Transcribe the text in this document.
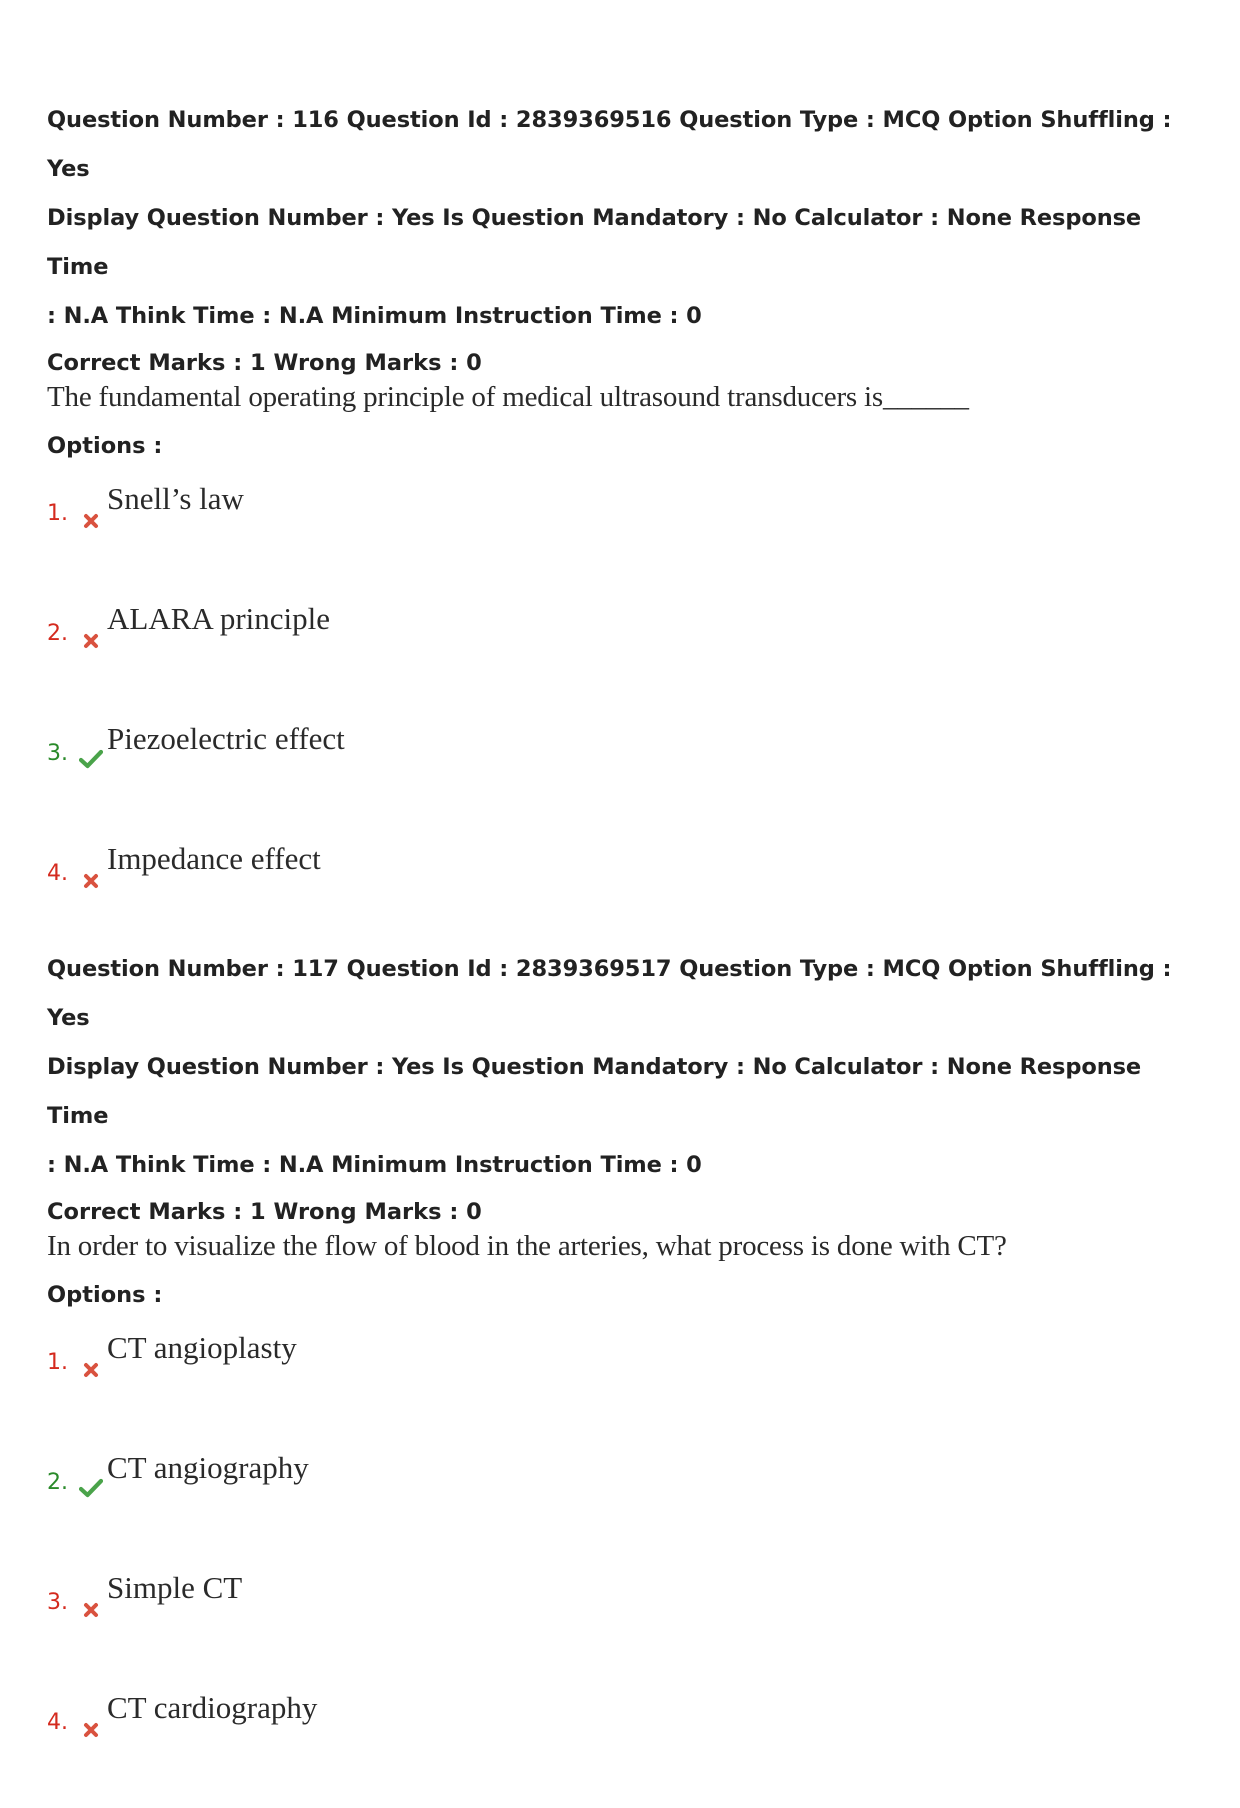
Question Number : 116 Question Id : 2839369516 Question Type : MCQ Option Shuffling : Yes
Display Question Number : Yes Is Question Mandatory : No Calculator : None Response Time
: N.A Think Time : N.A Minimum Instruction Time : 0
Correct Marks : 1 Wrong Marks : 0
The fundamental operating principle of medical ultrasound transducers is______
Options :
1. Snell’s law
2. ALARA principle
3. Piezoelectric effect
4. Impedance effect
Question Number : 117 Question Id : 2839369517 Question Type : MCQ Option Shuffling : Yes
Display Question Number : Yes Is Question Mandatory : No Calculator : None Response Time
: N.A Think Time : N.A Minimum Instruction Time : 0
Correct Marks : 1 Wrong Marks : 0
In order to visualize the flow of blood in the arteries, what process is done with CT?
Options :
1. CT angioplasty
2. CT angiography
3. Simple CT
4. CT cardiography
